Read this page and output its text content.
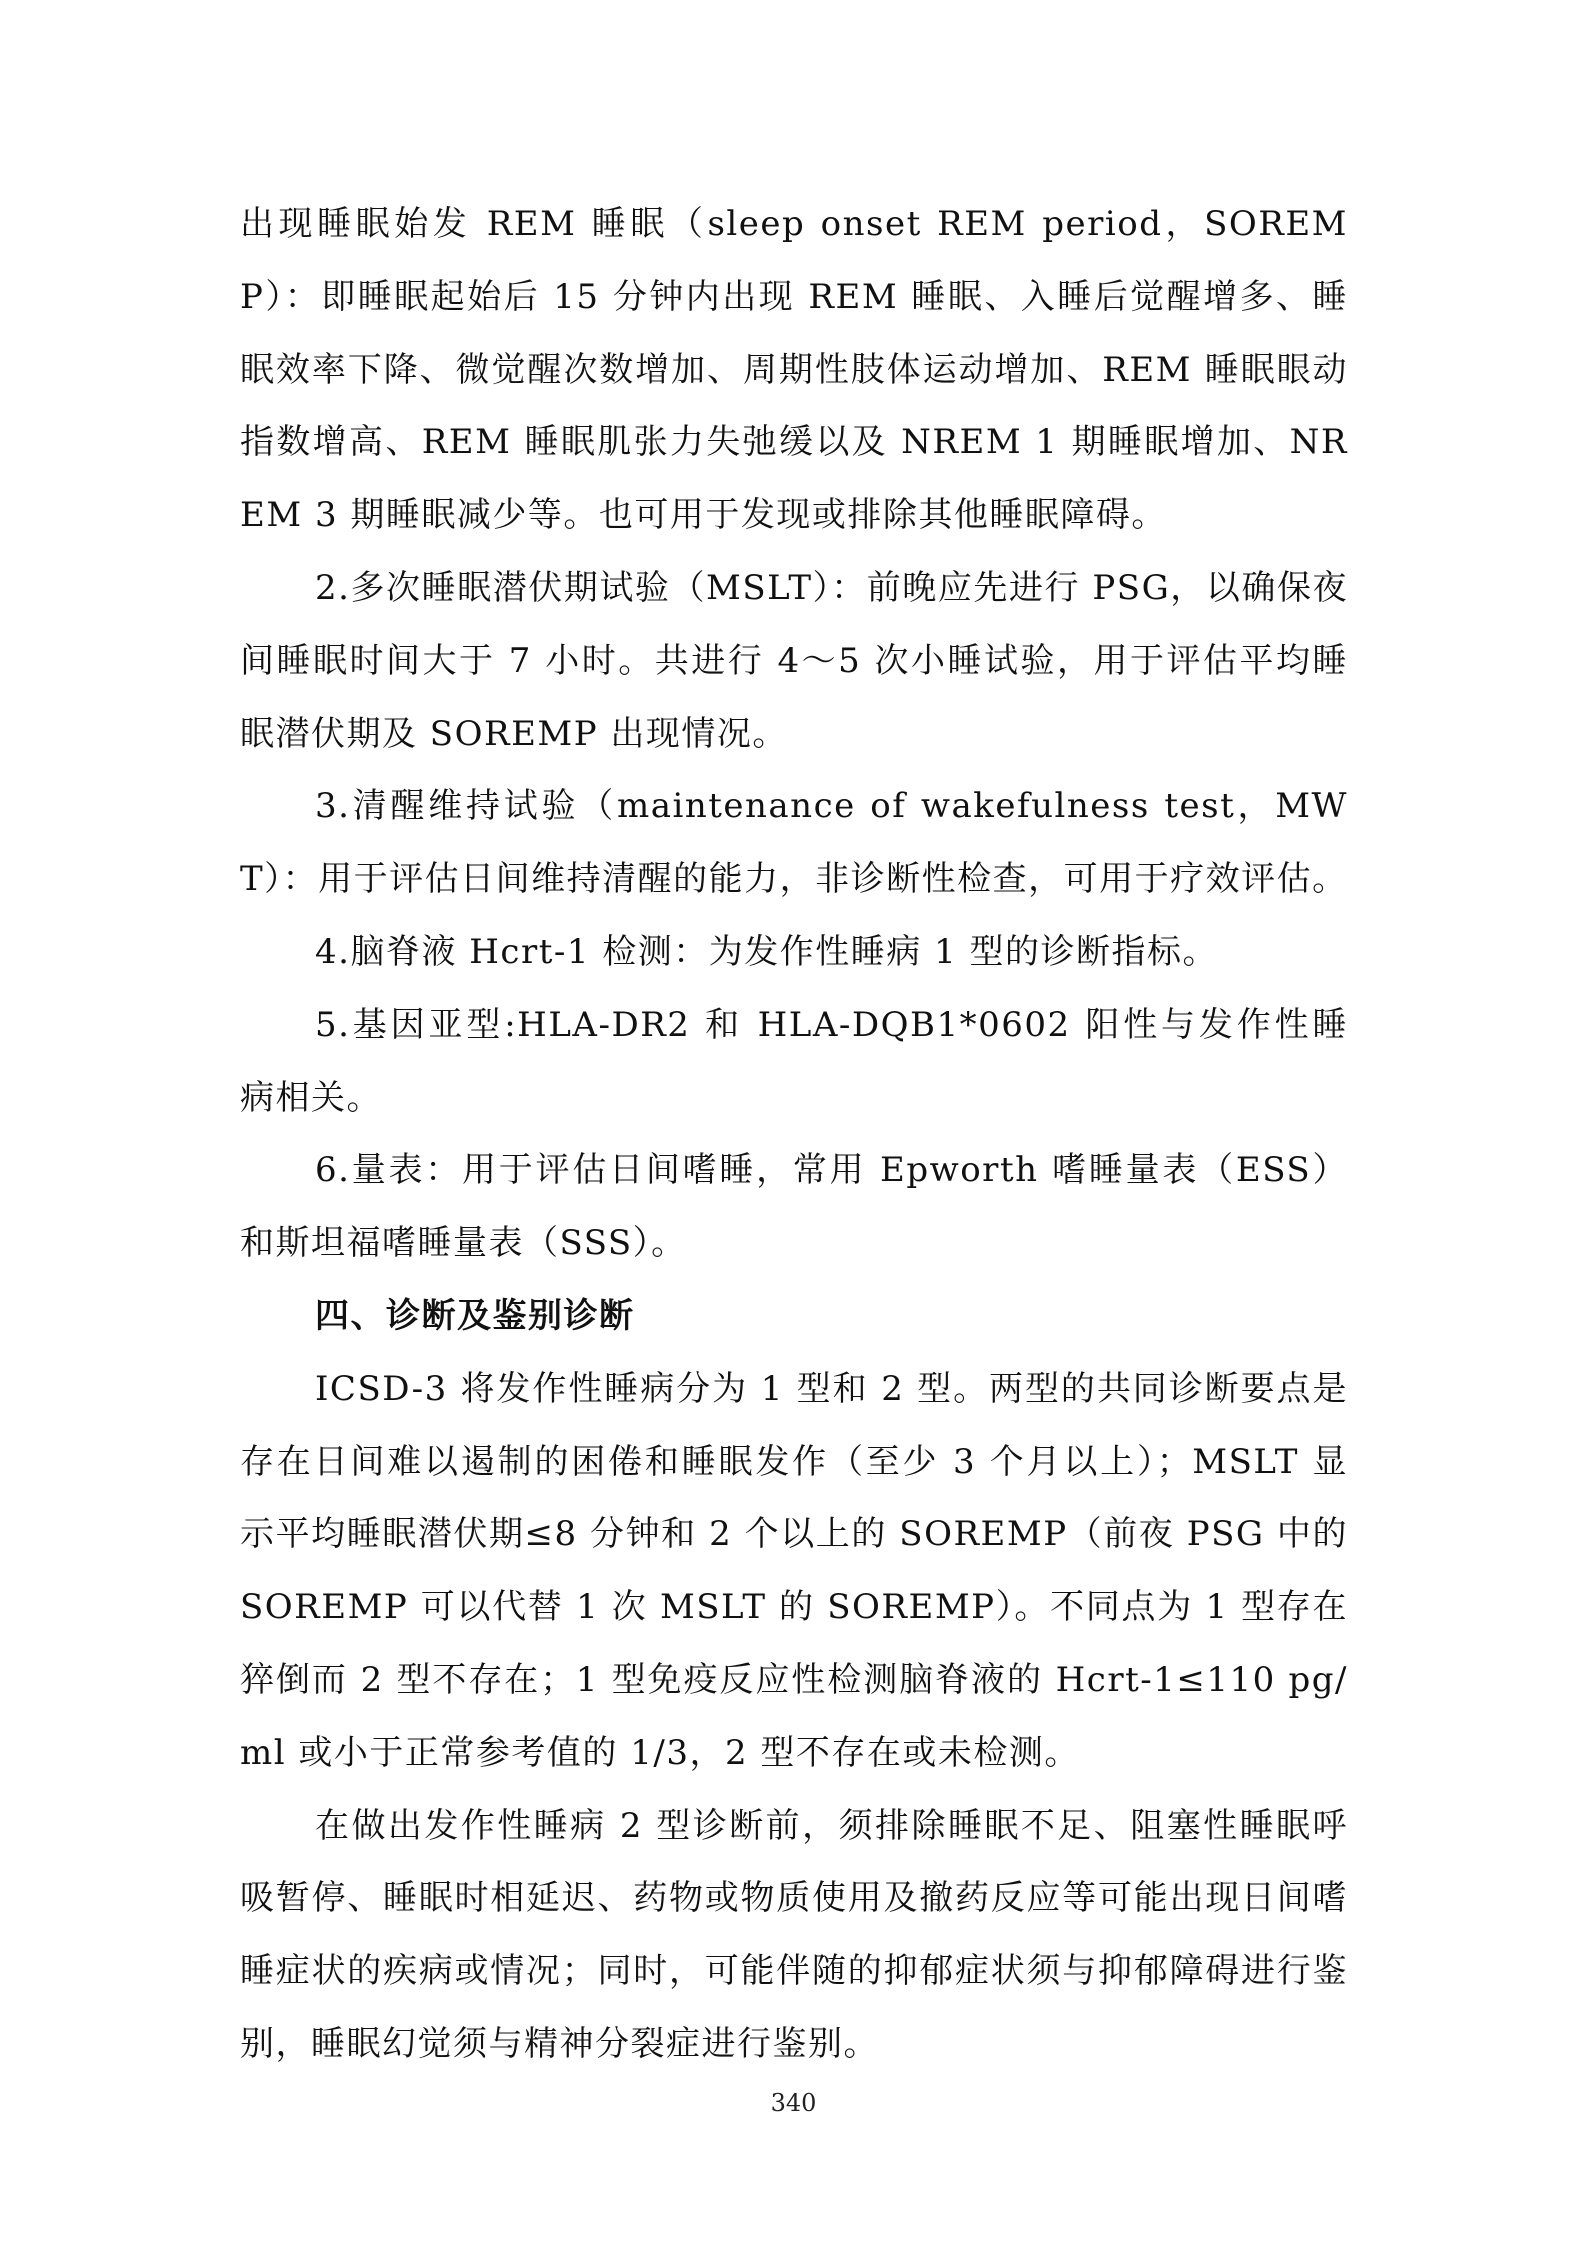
出现睡眠始发 REM 睡眠（sleep onset REM period，SOREMP）：即睡眠起始后 15 分钟内出现 REM 睡眠、入睡后觉醒增多、睡眠效率下降、微觉醒次数增加、周期性肢体运动增加、REM 睡眠眼动指数增高、REM 睡眠肌张力失弛缓以及 NREM 1 期睡眠增加、NREM 3 期睡眠减少等。也可用于发现或排除其他睡眠障碍。

2.多次睡眠潜伏期试验（MSLT）：前晚应先进行 PSG，以确保夜间睡眠时间大于 7 小时。共进行 4～5 次小睡试验，用于评估平均睡眠潜伏期及 SOREMP 出现情况。

3.清醒维持试验（maintenance of wakefulness test，MWT）：用于评估日间维持清醒的能力，非诊断性检查，可用于疗效评估。

4.脑脊液 Hcrt-1 检测：为发作性睡病 1 型的诊断指标。

5.基因亚型:HLA-DR2 和 HLA-DQB1*0602 阳性与发作性睡病相关。

6.量表：用于评估日间嗜睡，常用 Epworth 嗜睡量表（ESS）和斯坦福嗜睡量表（SSS）。

四、诊断及鉴别诊断

ICSD-3 将发作性睡病分为 1 型和 2 型。两型的共同诊断要点是存在日间难以遏制的困倦和睡眠发作（至少 3 个月以上）；MSLT 显示平均睡眠潜伏期≤8 分钟和 2 个以上的 SOREMP（前夜 PSG 中的 SOREMP 可以代替 1 次 MSLT 的 SOREMP）。不同点为 1 型存在猝倒而 2 型不存在；1 型免疫反应性检测脑脊液的 Hcrt-1≤110 pg/ml 或小于正常参考值的 1/3，2 型不存在或未检测。

在做出发作性睡病 2 型诊断前，须排除睡眠不足、阻塞性睡眠呼吸暂停、睡眠时相延迟、药物或物质使用及撤药反应等可能出现日间嗜睡症状的疾病或情况；同时，可能伴随的抑郁症状须与抑郁障碍进行鉴别，睡眠幻觉须与精神分裂症进行鉴别。

340
